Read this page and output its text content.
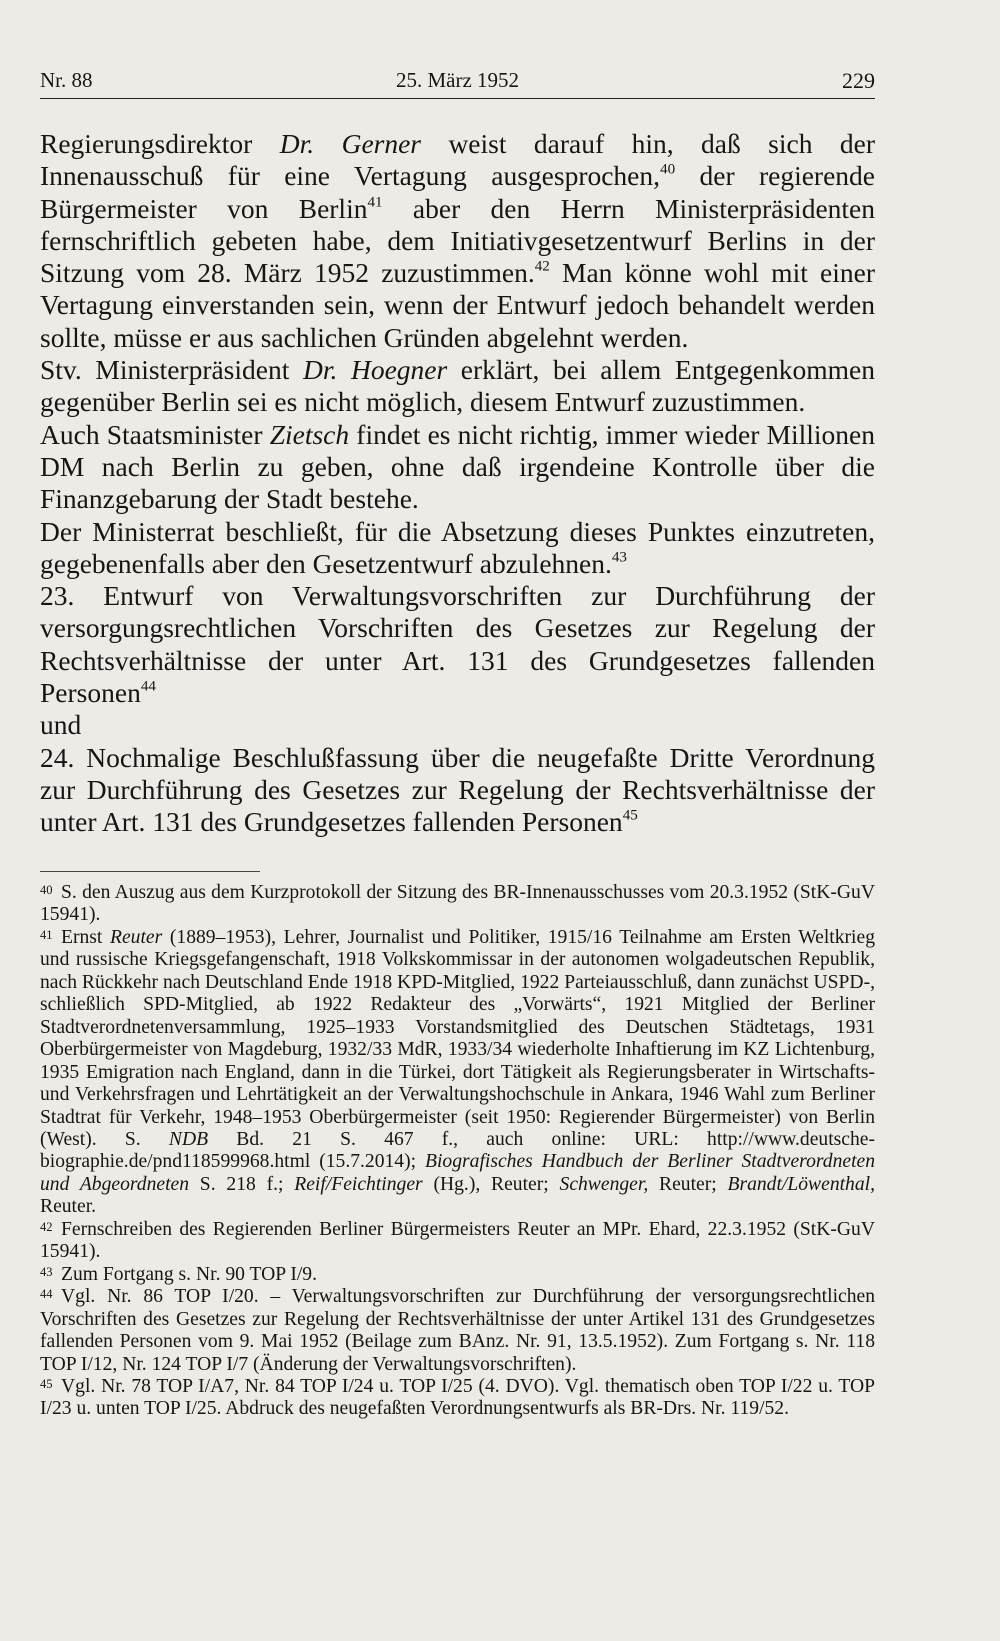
Nr. 88	25. März 1952	229

Regierungsdirektor Dr. Gerner weist darauf hin, daß sich der Innenausschuß für eine Vertagung ausgesprochen,$^{40}$ der regierende Bürgermeister von Berlin$^{41}$ aber den Herrn Ministerpräsidenten fernschriftlich gebeten habe, dem Initiativgesetzentwurf Berlins in der Sitzung vom 28. März 1952 zuzustimmen.$^{42}$ Man könne wohl mit einer Vertagung einverstanden sein, wenn der Entwurf jedoch behandelt werden sollte, müsse er aus sachlichen Gründen abgelehnt werden.

Stv. Ministerpräsident Dr. Hoegner erklärt, bei allem Entgegenkommen gegenüber Berlin sei es nicht möglich, diesem Entwurf zuzustimmen.

Auch Staatsminister Zietsch findet es nicht richtig, immer wieder Millionen DM nach Berlin zu geben, ohne daß irgendeine Kontrolle über die Finanzgebarung der Stadt bestehe.

Der Ministerrat beschließt, für die Absetzung dieses Punktes einzutreten, gegebenenfalls aber den Gesetzentwurf abzulehnen.$^{43}$

23. Entwurf von Verwaltungsvorschriften zur Durchführung der versorgungsrechtlichen Vorschriften des Gesetzes zur Regelung der Rechtsverhältnisse der unter Art. 131 des Grundgesetzes fallenden Personen$^{44}$

und

24. Nochmalige Beschlußfassung über die neugefaßte Dritte Verordnung zur Durchführung des Gesetzes zur Regelung der Rechtsverhältnisse der unter Art. 131 des Grundgesetzes fallenden Personen$^{45}$

40 S. den Auszug aus dem Kurzprotokoll der Sitzung des BR-Innenausschusses vom 20.3.1952 (StK-GuV 15941).
41 Ernst Reuter (1889–1953), Lehrer, Journalist und Politiker, 1915/16 Teilnahme am Ersten Weltkrieg und russische Kriegsgefangenschaft, 1918 Volkskommissar in der autonomen wolgadeutschen Republik, nach Rückkehr nach Deutschland Ende 1918 KPD-Mitglied, 1922 Parteiausschluß, dann zunächst USPD-, schließlich SPD-Mitglied, ab 1922 Redakteur des „Vorwärts“, 1921 Mitglied der Berliner Stadtverordnetenversammlung, 1925–1933 Vorstandsmitglied des Deutschen Städtetags, 1931 Oberbürgermeister von Magdeburg, 1932/33 MdR, 1933/34 wiederholte Inhaftierung im KZ Lichtenburg, 1935 Emigration nach England, dann in die Türkei, dort Tätigkeit als Regierungsberater in Wirtschafts- und Verkehrsfragen und Lehrtätigkeit an der Verwaltungshochschule in Ankara, 1946 Wahl zum Berliner Stadtrat für Verkehr, 1948–1953 Oberbürgermeister (seit 1950: Regierender Bürgermeister) von Berlin (West). S. NDB Bd. 21 S. 467 f., auch online: URL: http://www.deutsche-biographie.de/pnd118599968.html (15.7.2014); Biografisches Handbuch der Berliner Stadtverordneten und Abgeordneten S. 218 f.; Reif/Feichtinger (Hg.), Reuter; Schwenger, Reuter; Brandt/Löwenthal, Reuter.
42 Fernschreiben des Regierenden Berliner Bürgermeisters Reuter an MPr. Ehard, 22.3.1952 (StK-GuV 15941).
43 Zum Fortgang s. Nr. 90 TOP I/9.
44 Vgl. Nr. 86 TOP I/20. – Verwaltungsvorschriften zur Durchführung der versorgungsrechtlichen Vorschriften des Gesetzes zur Regelung der Rechtsverhältnisse der unter Artikel 131 des Grundgesetzes fallenden Personen vom 9. Mai 1952 (Beilage zum BAnz. Nr. 91, 13.5.1952). Zum Fortgang s. Nr. 118 TOP I/12, Nr. 124 TOP I/7 (Änderung der Verwaltungsvorschriften).
45 Vgl. Nr. 78 TOP I/A7, Nr. 84 TOP I/24 u. TOP I/25 (4. DVO). Vgl. thematisch oben TOP I/22 u. TOP I/23 u. unten TOP I/25. Abdruck des neugefaßten Verordnungsentwurfs als BR-Drs. Nr. 119/52.
